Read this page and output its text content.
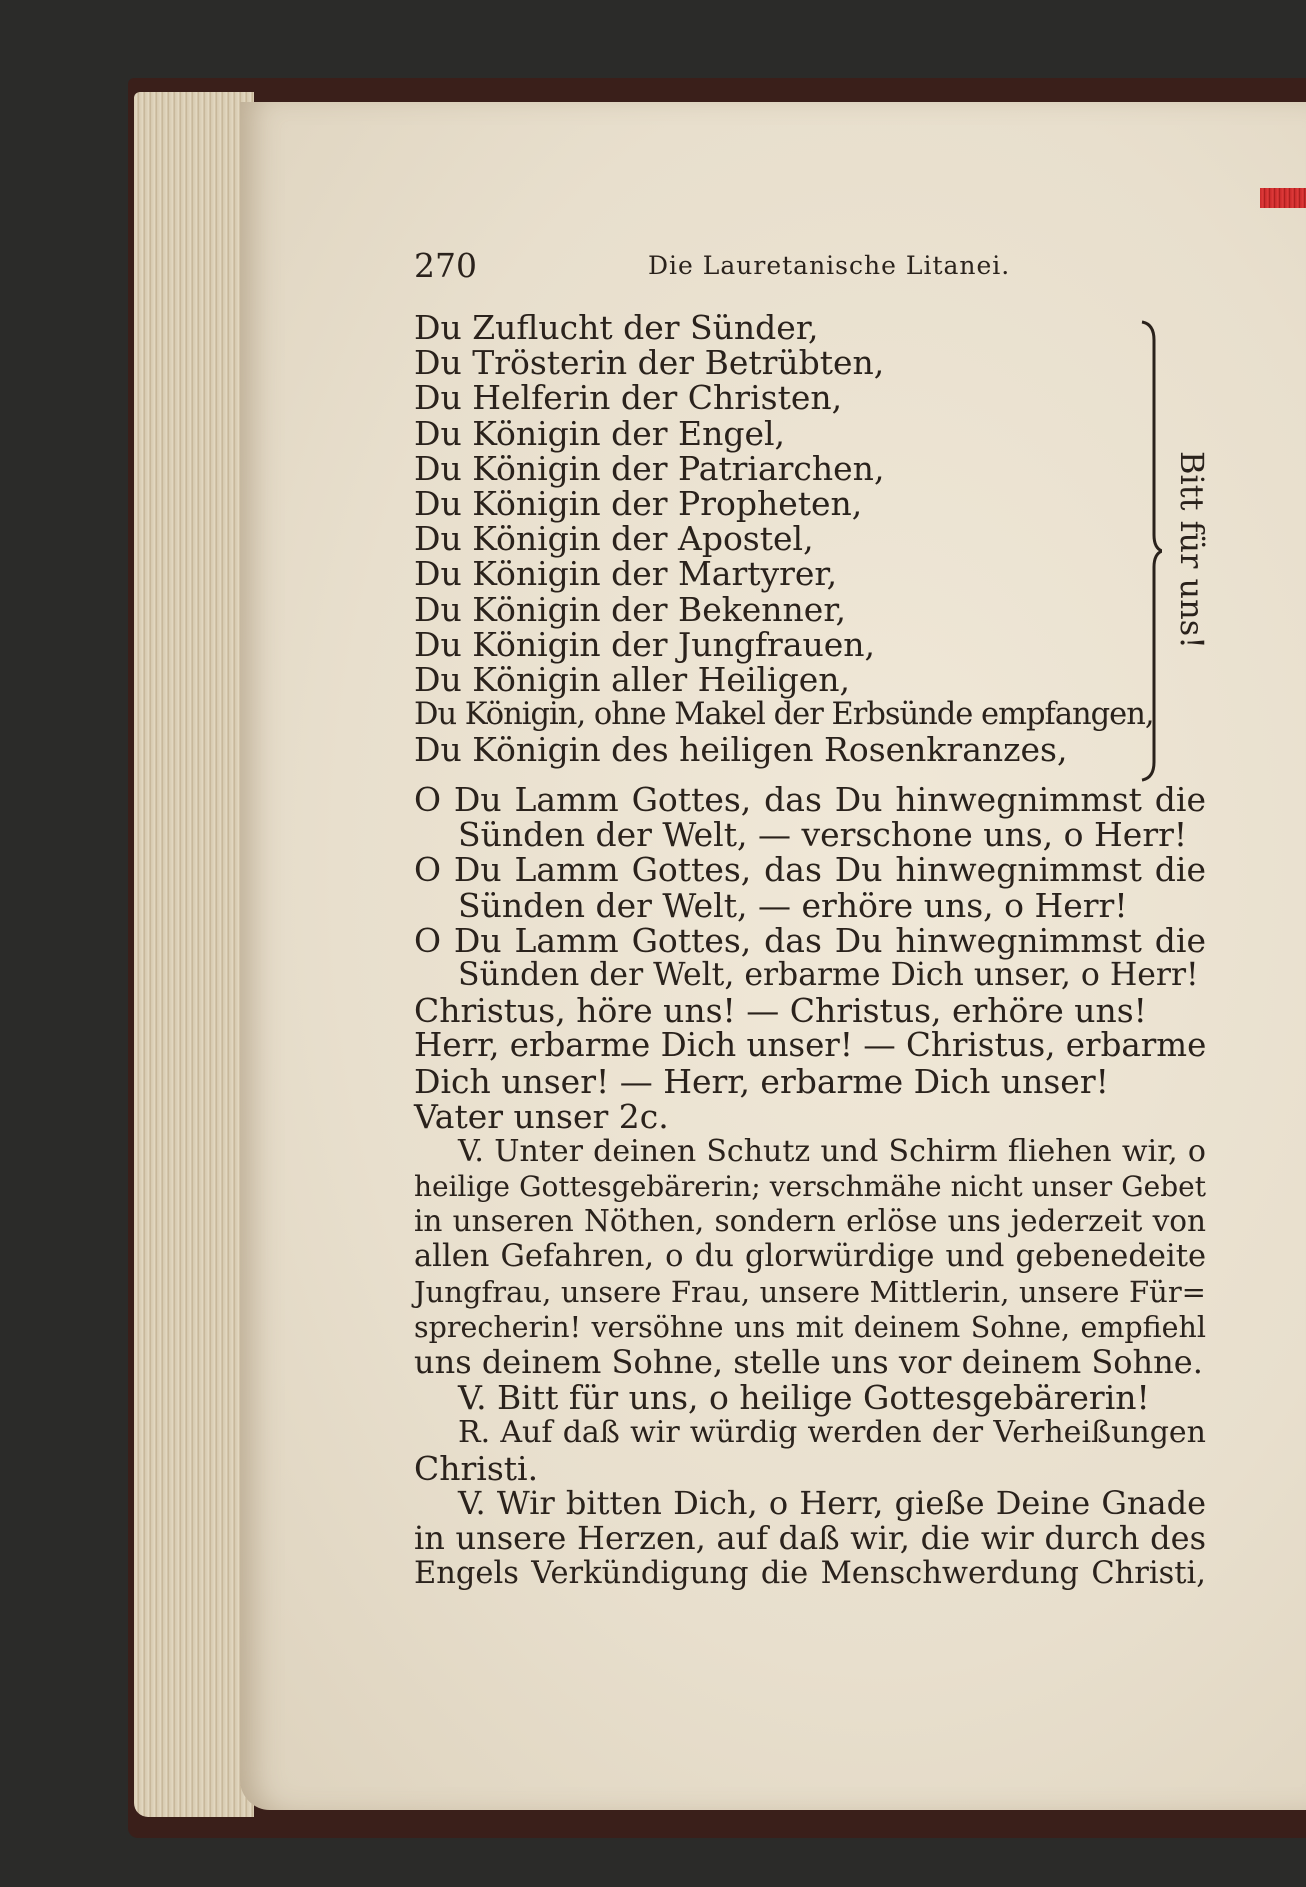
270	Die Lauretanische Litanei.
Du Zuflucht der Sünder,
Du Trösterin der Betrübten,
Du Helferin der Christen,
Du Königin der Engel,
Du Königin der Patriarchen,
Du Königin der Propheten,
Du Königin der Apostel,
Du Königin der Martyrer,
Du Königin der Bekenner,
Du Königin der Jungfrauen,
Du Königin aller Heiligen,
Du Königin, ohne Makel der Erbsünde empfangen,
Du Königin des heiligen Rosenkranzes,
Bitt für uns!
O Du Lamm Gottes, das Du hinwegnimmst die
Sünden der Welt, — verschone uns, o Herr!
O Du Lamm Gottes, das Du hinwegnimmst die
Sünden der Welt, — erhöre uns, o Herr!
O Du Lamm Gottes, das Du hinwegnimmst die
Sünden der Welt, erbarme Dich unser, o Herr!
Christus, höre uns! — Christus, erhöre uns!
Herr, erbarme Dich unser! — Christus, erbarme
Dich unser! — Herr, erbarme Dich unser!
Vater unser 2c.
V. Unter deinen Schutz und Schirm fliehen wir, o
heilige Gottesgebärerin; verschmähe nicht unser Gebet
in unseren Nöthen, sondern erlöse uns jederzeit von
allen Gefahren, o du glorwürdige und gebenedeite
Jungfrau, unsere Frau, unsere Mittlerin, unsere Für=
sprecherin! versöhne uns mit deinem Sohne, empfiehl
uns deinem Sohne, stelle uns vor deinem Sohne.
V. Bitt für uns, o heilige Gottesgebärerin!
R. Auf daß wir würdig werden der Verheißungen
Christi.
V. Wir bitten Dich, o Herr, gieße Deine Gnade
in unsere Herzen, auf daß wir, die wir durch des
Engels Verkündigung die Menschwerdung Christi,
